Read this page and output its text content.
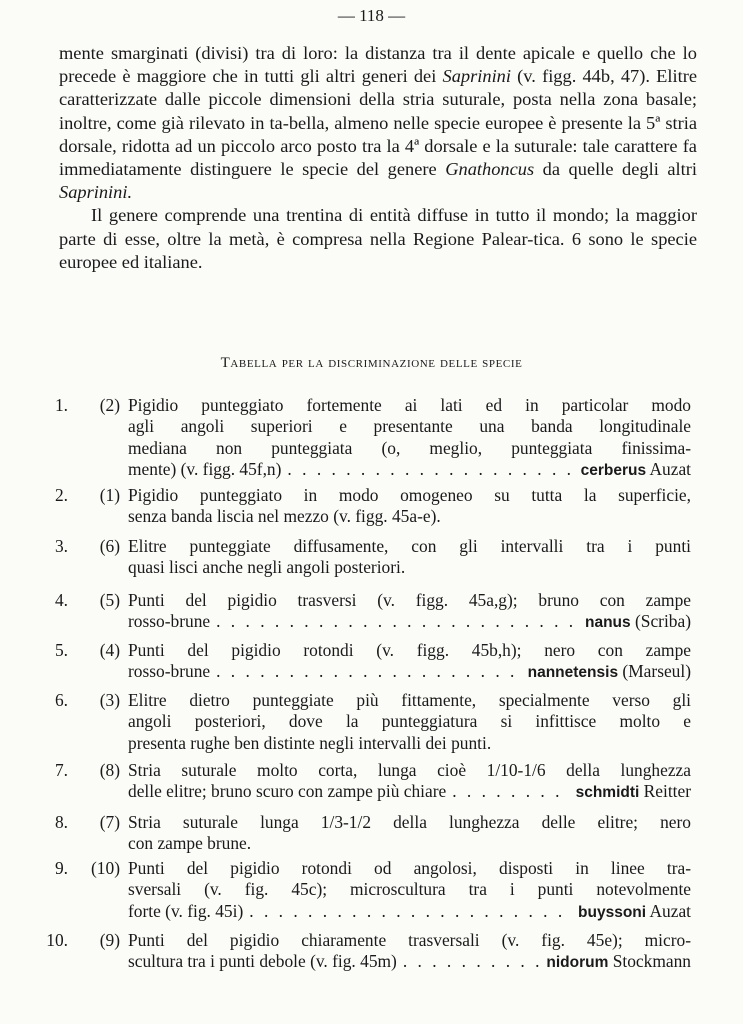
— 118 —

mente smarginati (divisi) tra di loro: la distanza tra il dente apicale e quello che lo precede è maggiore che in tutti gli altri generi dei Saprinini (v. figg. 44b, 47). Elitre caratterizzate dalle piccole dimensioni della stria suturale, posta nella zona basale; inoltre, come già rilevato in ta-bella, almeno nelle specie europee è presente la 5ª stria dorsale, ridotta ad un piccolo arco posto tra la 4ª dorsale e la suturale: tale carattere fa immediatamente distinguere le specie del genere Gnathoncus da quelle degli altri Saprinini.

Il genere comprende una trentina di entità diffuse in tutto il mondo; la maggior parte di esse, oltre la metà, è compresa nella Regione Palear-tica. 6 sono le specie europee ed italiane.

Tabella per la discriminazione delle specie
1.	(2) Pigidio punteggiato fortemente ai lati ed in particolar modo
agli angoli superiori e presentante una banda longitudinale
mediana non punteggiata (o, meglio, punteggiata finissima-
mente) (v. figg. 45f,n) . . .	cerberus Auzat
2.	(1) Pigidio punteggiato in modo omogeneo su tutta la superficie,
senza banda liscia nel mezzo (v. figg. 45a-e).
3.	(6) Elitre punteggiate diffusamente, con gli intervalli tra i punti
quasi lisci anche negli angoli posteriori.
4.	(5) Punti del pigidio trasversi (v. figg. 45a,g); bruno con zampe
rosso-brune . . .	nanus (Scriba)
5.	(4) Punti del pigidio rotondi (v. figg. 45b,h); nero con zampe
rosso-brune . . .	nannetensis (Marseul)
6.	(3) Elitre dietro punteggiate più fittamente, specialmente verso gli
angoli posteriori, dove la punteggiatura si infittisce molto e
presenta rughe ben distinte negli intervalli dei punti.
7.	(8) Stria suturale molto corta, lunga cioè 1/10-1/6 della lunghezza
delle elitre; bruno scuro con zampe più chiare . . .	schmidti Reitter
8.	(7) Stria suturale lunga 1/3-1/2 della lunghezza delle elitre; nero
con zampe brune.
9.	(10) Punti del pigidio rotondi od angolosi, disposti in linee tra-
sversali (v. fig. 45c); microscultura tra i punti notevolmente
forte (v. fig. 45i) . . .	buyssoni Auzat
10.	(9) Punti del pigidio chiaramente trasversali (v. fig. 45e); micro-
scultura tra i punti debole (v. fig. 45m) . . .	nidorum Stockmann
